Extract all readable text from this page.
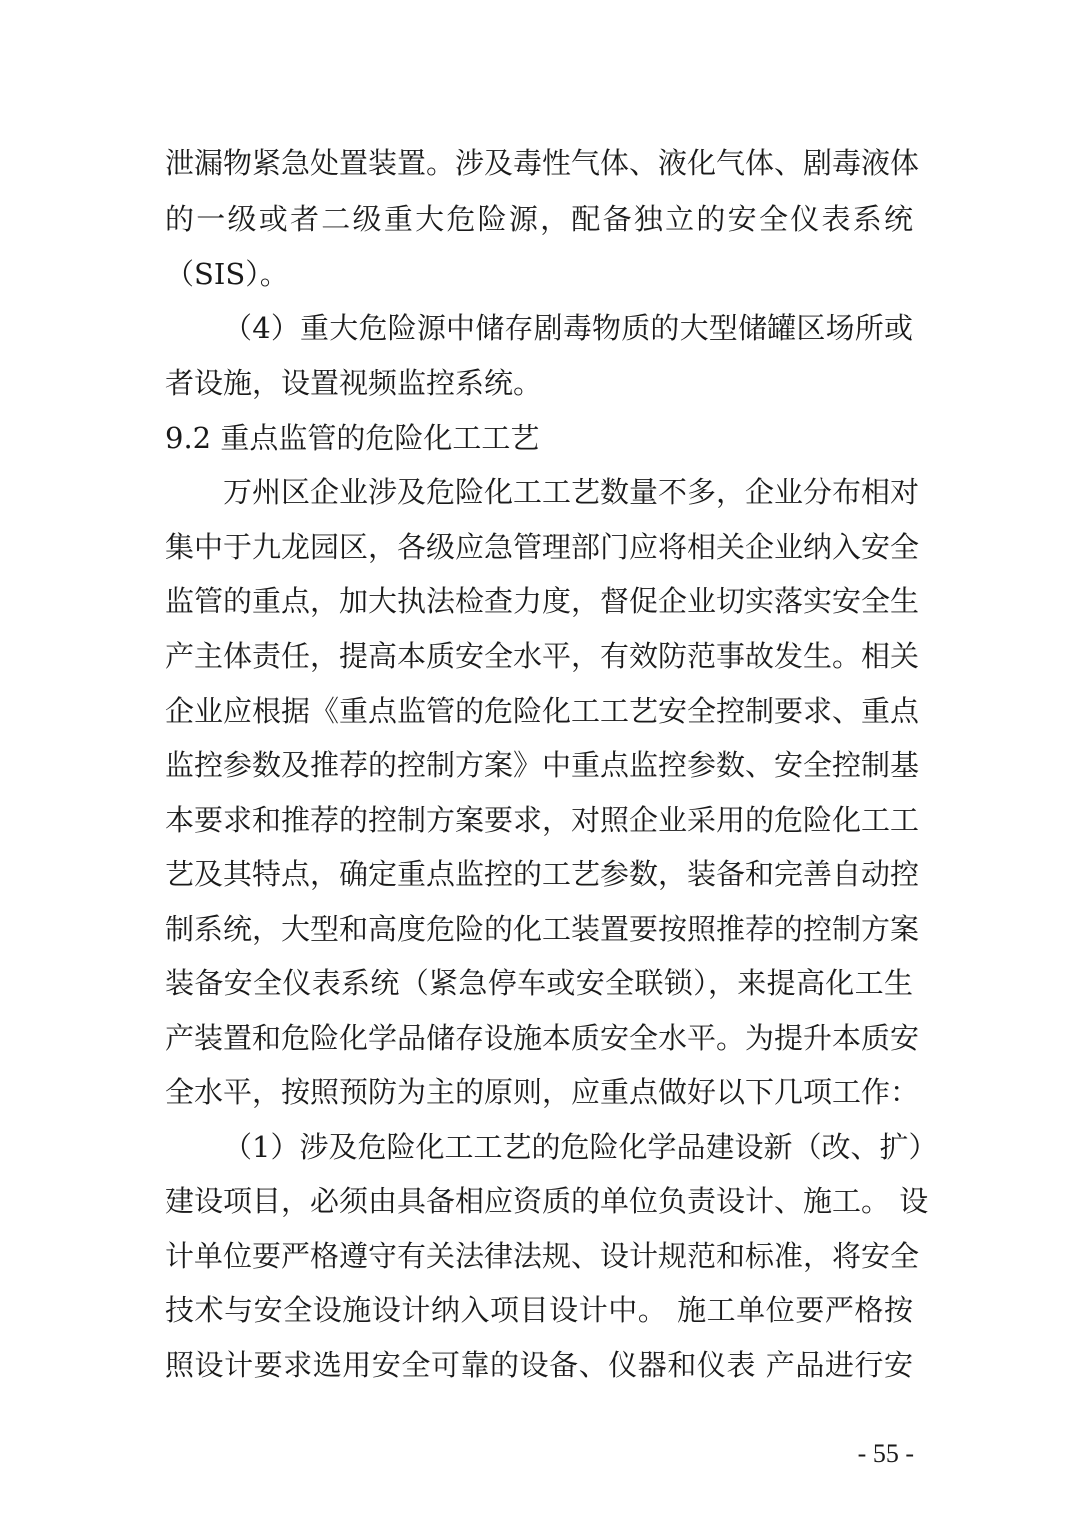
泄漏物紧急处置装置。涉及毒性气体、液化气体、剧毒液体
的一级或者二级重大危险源，配备独立的安全仪表系统
（SIS）。
（4）重大危险源中储存剧毒物质的大型储罐区场所或
者设施，设置视频监控系统。
9.2 重点监管的危险化工工艺
万州区企业涉及危险化工工艺数量不多，企业分布相对
集中于九龙园区，各级应急管理部门应将相关企业纳入安全
监管的重点，加大执法检查力度，督促企业切实落实安全生
产主体责任，提高本质安全水平，有效防范事故发生。相关
企业应根据《重点监管的危险化工工艺安全控制要求、重点
监控参数及推荐的控制方案》中重点监控参数、安全控制基
本要求和推荐的控制方案要求，对照企业采用的危险化工工
艺及其特点，确定重点监控的工艺参数，装备和完善自动控
制系统，大型和高度危险的化工装置要按照推荐的控制方案
装备安全仪表系统（紧急停车或安全联锁），来提高化工生
产装置和危险化学品储存设施本质安全水平。为提升本质安
全水平，按照预防为主的原则，应重点做好以下几项工作：
（1）涉及危险化工工艺的危险化学品建设新（改、扩）
建设项目，必须由具备相应资质的单位负责设计、施工。 设
计单位要严格遵守有关法律法规、设计规范和标准，将安全
技术与安全设施设计纳入项目设计中。 施工单位要严格按
照设计要求选用安全可靠的设备、仪器和仪表 产品进行安
- 55 -
